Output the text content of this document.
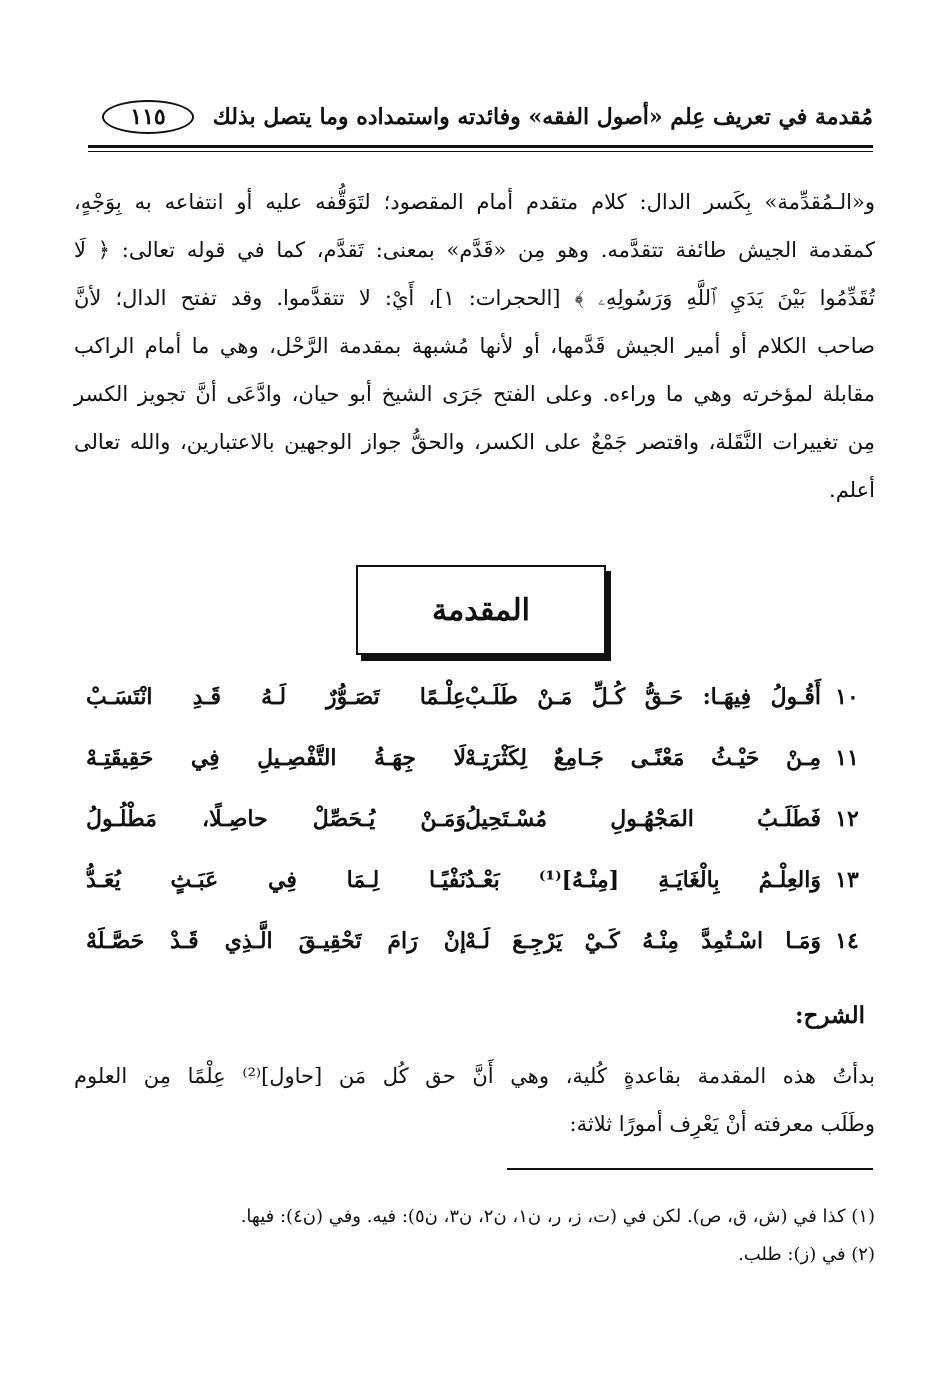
مُقدمة في تعريف عِلم «أصول الفقه» وفائدته واستمداده وما يتصل بذلك
١١٥
و«الـمُقدِّمة» بِكَسر الدال: كلام متقدم أمام المقصود؛ لتَوَقُّفه عليه أو انتفاعه به بِوَجْهٍ،
كمقدمة الجيش طائفة تتقدَّمه. وهو مِن «قَدَّم» بمعنى: تَقدَّم، كما في قوله تعالى: ﴿ لَا
تُقَدِّمُوا بَيْنَ يَدَيِ ٱللَّهِ وَرَسُولِهِۦ ﴾ [الحجرات: ١]، أَيْ: لا تتقدَّموا. وقد تفتح الدال؛ لأنَّ
صاحب الكلام أو أمير الجيش قَدَّمها، أو لأنها مُشبهة بمقدمة الرَّحْل، وهي ما أمام الراكب
مقابلة لمؤخرته وهي ما وراءه. وعلى الفتح جَرَى الشيخ أبو حيان، وادَّعَى أنَّ تجويز الكسر
مِن تغييرات النَّقَلة، واقتصر جَمْعٌ على الكسر، والحقُّ جواز الوجهين بالاعتبارين، والله تعالى
أعلم.
المقدمة
١٠
أَقُـولُ فِيهَـا: حَـقُّ كُـلِّ مَـنْ طَلَـبْ
عِلْـمًا تَصَـوُّرٌ لَـهُ قَـدِ انْتَسَـبْ
١١
مِـنْ حَيْـثُ مَعْنًـى جَـامِعٌ لِكَثْرَتِـهْ
لَا جِهَـةُ التَّفْصِـيلِ فِي حَقِيقَتِـهْ
١٢
فَطَلَـبُ المَجْهُـولِ مُسْـتَحِيلُ
وَمَـنْ يُـحَصِّلْ حاصِـلًا، مَطْلُـولُ
١٣
وَالعِلْـمُ بِالْغَايَـةِ [مِنْـهُ]⁽¹⁾ بَعْـدُ
نَفْيًـا لِـمَا فِي عَبَـثٍ يُعَـدُّ
١٤
وَمَـا اسْـتُمِدَّ مِنْـهُ كَـيْ يَرْجِـعَ لَـهْ
إنْ رَامَ تَحْقِيـقَ الَّـذِي قَـدْ حَصَّـلَهْ
الشرح:
بدأتُ هذه المقدمة بقاعدةٍ كُلية، وهي أَنَّ حق كُل مَن [حاول]⁽²⁾ عِلْمًا مِن العلوم
وطَلَب معرفته أنْ يَعْرِف أمورًا ثلاثة:
(١) كذا في (ش، ق، ص). لكن في (ت، ز، ر، ن١، ن٢، ن٣، ن٥): فيه. وفي (ن٤): فيها.
(٢) في (ز): طلب.
